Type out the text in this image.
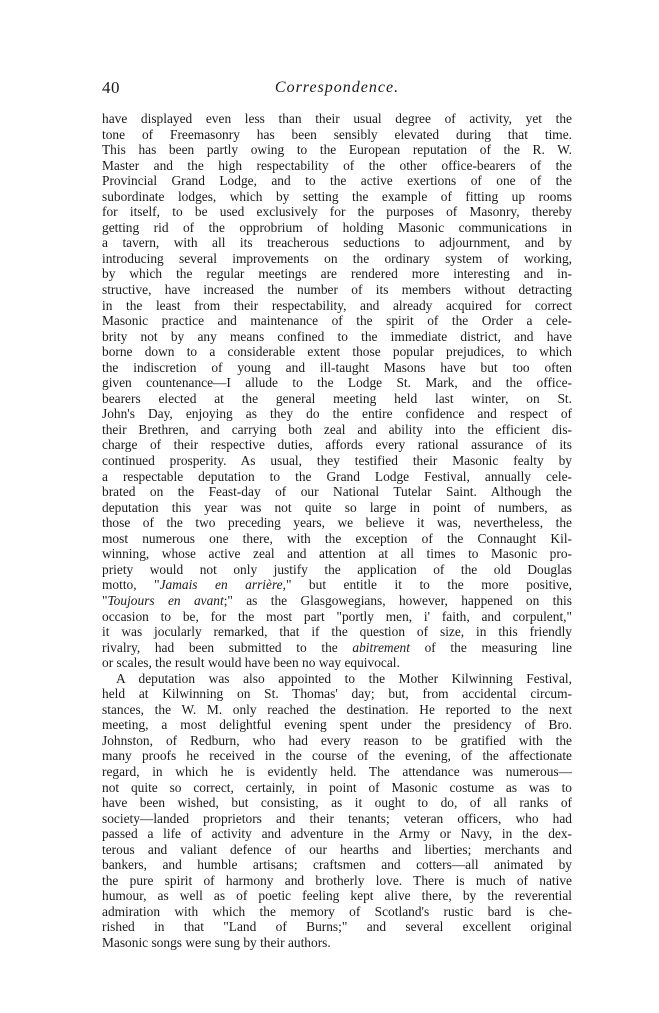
40	Correspondence.
have displayed even less than their usual degree of activity, yet the
tone of Freemasonry has been sensibly elevated during that time.
This has been partly owing to the European reputation of the R. W.
Master and the high respectability of the other office-bearers of the
Provincial Grand Lodge, and to the active exertions of one of the
subordinate lodges, which by setting the example of fitting up rooms
for itself, to be used exclusively for the purposes of Masonry, thereby
getting rid of the opprobrium of holding Masonic communications in
a tavern, with all its treacherous seductions to adjournment, and by
introducing several improvements on the ordinary system of working,
by which the regular meetings are rendered more interesting and in-
structive, have increased the number of its members without detracting
in the least from their respectability, and already acquired for correct
Masonic practice and maintenance of the spirit of the Order a cele-
brity not by any means confined to the immediate district, and have
borne down to a considerable extent those popular prejudices, to which
the indiscretion of young and ill-taught Masons have but too often
given countenance—I allude to the Lodge St. Mark, and the office-
bearers elected at the general meeting held last winter, on St.
John's Day, enjoying as they do the entire confidence and respect of
their Brethren, and carrying both zeal and ability into the efficient dis-
charge of their respective duties, affords every rational assurance of its
continued prosperity. As usual, they testified their Masonic fealty by
a respectable deputation to the Grand Lodge Festival, annually cele-
brated on the Feast-day of our National Tutelar Saint. Although the
deputation this year was not quite so large in point of numbers, as
those of the two preceding years, we believe it was, nevertheless, the
most numerous one there, with the exception of the Connaught Kil-
winning, whose active zeal and attention at all times to Masonic pro-
priety would not only justify the application of the old Douglas
motto, "Jamais en arrière," but entitle it to the more positive,
"Toujours en avant;" as the Glasgowegians, however, happened on this
occasion to be, for the most part "portly men, i' faith, and corpulent,"
it was jocularly remarked, that if the question of size, in this friendly
rivalry, had been submitted to the abitrement of the measuring line
or scales, the result would have been no way equivocal.
A deputation was also appointed to the Mother Kilwinning Festival,
held at Kilwinning on St. Thomas' day; but, from accidental circum-
stances, the W. M. only reached the destination. He reported to the next
meeting, a most delightful evening spent under the presidency of Bro.
Johnston, of Redburn, who had every reason to be gratified with the
many proofs he received in the course of the evening, of the affectionate
regard, in which he is evidently held. The attendance was numerous—
not quite so correct, certainly, in point of Masonic costume as was to
have been wished, but consisting, as it ought to do, of all ranks of
society—landed proprietors and their tenants; veteran officers, who had
passed a life of activity and adventure in the Army or Navy, in the dex-
terous and valiant defence of our hearths and liberties; merchants and
bankers, and humble artisans; craftsmen and cotters—all animated by
the pure spirit of harmony and brotherly love. There is much of native
humour, as well as of poetic feeling kept alive there, by the reverential
admiration with which the memory of Scotland's rustic bard is che-
rished in that "Land of Burns;" and several excellent original
Masonic songs were sung by their authors.
